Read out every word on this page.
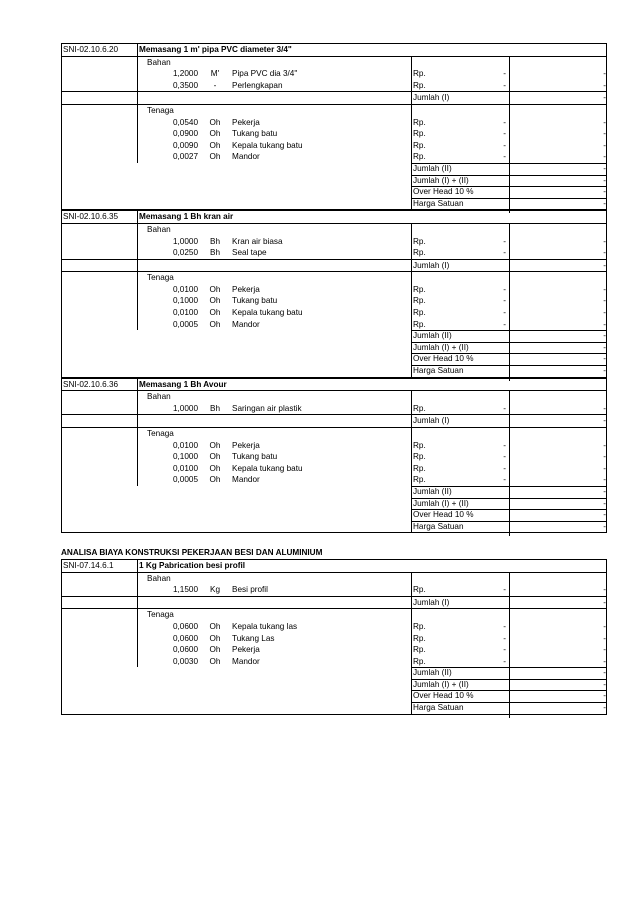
SNI-02.10.6.20	Memasang 1 m' pipa PVC diameter 3/4"
Bahan
1,2000	M'	Pipa PVC dia 3/4"	Rp.	-	-
0,3500	-	Perlengkapan	Rp.	-	-
Jumlah (I)	-
Tenaga
0,0540	Oh	Pekerja	Rp.	-	-
0,0900	Oh	Tukang batu	Rp.	-	-
0,0090	Oh	Kepala tukang batu	Rp.	-	-
0,0027	Oh	Mandor	Rp.	-	-
Jumlah (II)	-
Jumlah (I) + (II)	-
Over Head 10 %	-
Harga Satuan	-
SNI-02.10.6.35	Memasang 1 Bh kran air
Bahan
1,0000	Bh	Kran air biasa	Rp.	-	-
0,0250	Bh	Seal tape	Rp.	-	-
Jumlah (I)	-
Tenaga
0,0100	Oh	Pekerja	Rp.	-	-
0,1000	Oh	Tukang batu	Rp.	-	-
0,0100	Oh	Kepala tukang batu	Rp.	-	-
0,0005	Oh	Mandor	Rp.	-	-
Jumlah (II)	-
Jumlah (I) + (II)	-
Over Head 10 %	-
Harga Satuan	-
SNI-02.10.6.36	Memasang 1 Bh Avour
Bahan
1,0000	Bh	Saringan air plastik	Rp.	-	-
Jumlah (I)	-
Tenaga
0,0100	Oh	Pekerja	Rp.	-	-
0,1000	Oh	Tukang batu	Rp.	-	-
0,0100	Oh	Kepala tukang batu	Rp.	-	-
0,0005	Oh	Mandor	Rp.	-	-
Jumlah (II)	-
Jumlah (I) + (II)	-
Over Head 10 %	-
Harga Satuan	-
ANALISA BIAYA KONSTRUKSI PEKERJAAN BESI DAN ALUMINIUM
SNI-07.14.6.1	1 Kg Pabrication besi profil
Bahan
1,1500	Kg	Besi profil	Rp.	-	-
Jumlah (I)	-
Tenaga
0,0600	Oh	Kepala tukang las	Rp.	-	-
0,0600	Oh	Tukang Las	Rp.	-	-
0,0600	Oh	Pekerja	Rp.	-	-
0,0030	Oh	Mandor	Rp.	-	-
Jumlah (II)	-
Jumlah (I) + (II)	-
Over Head 10 %	-
Harga Satuan	-
